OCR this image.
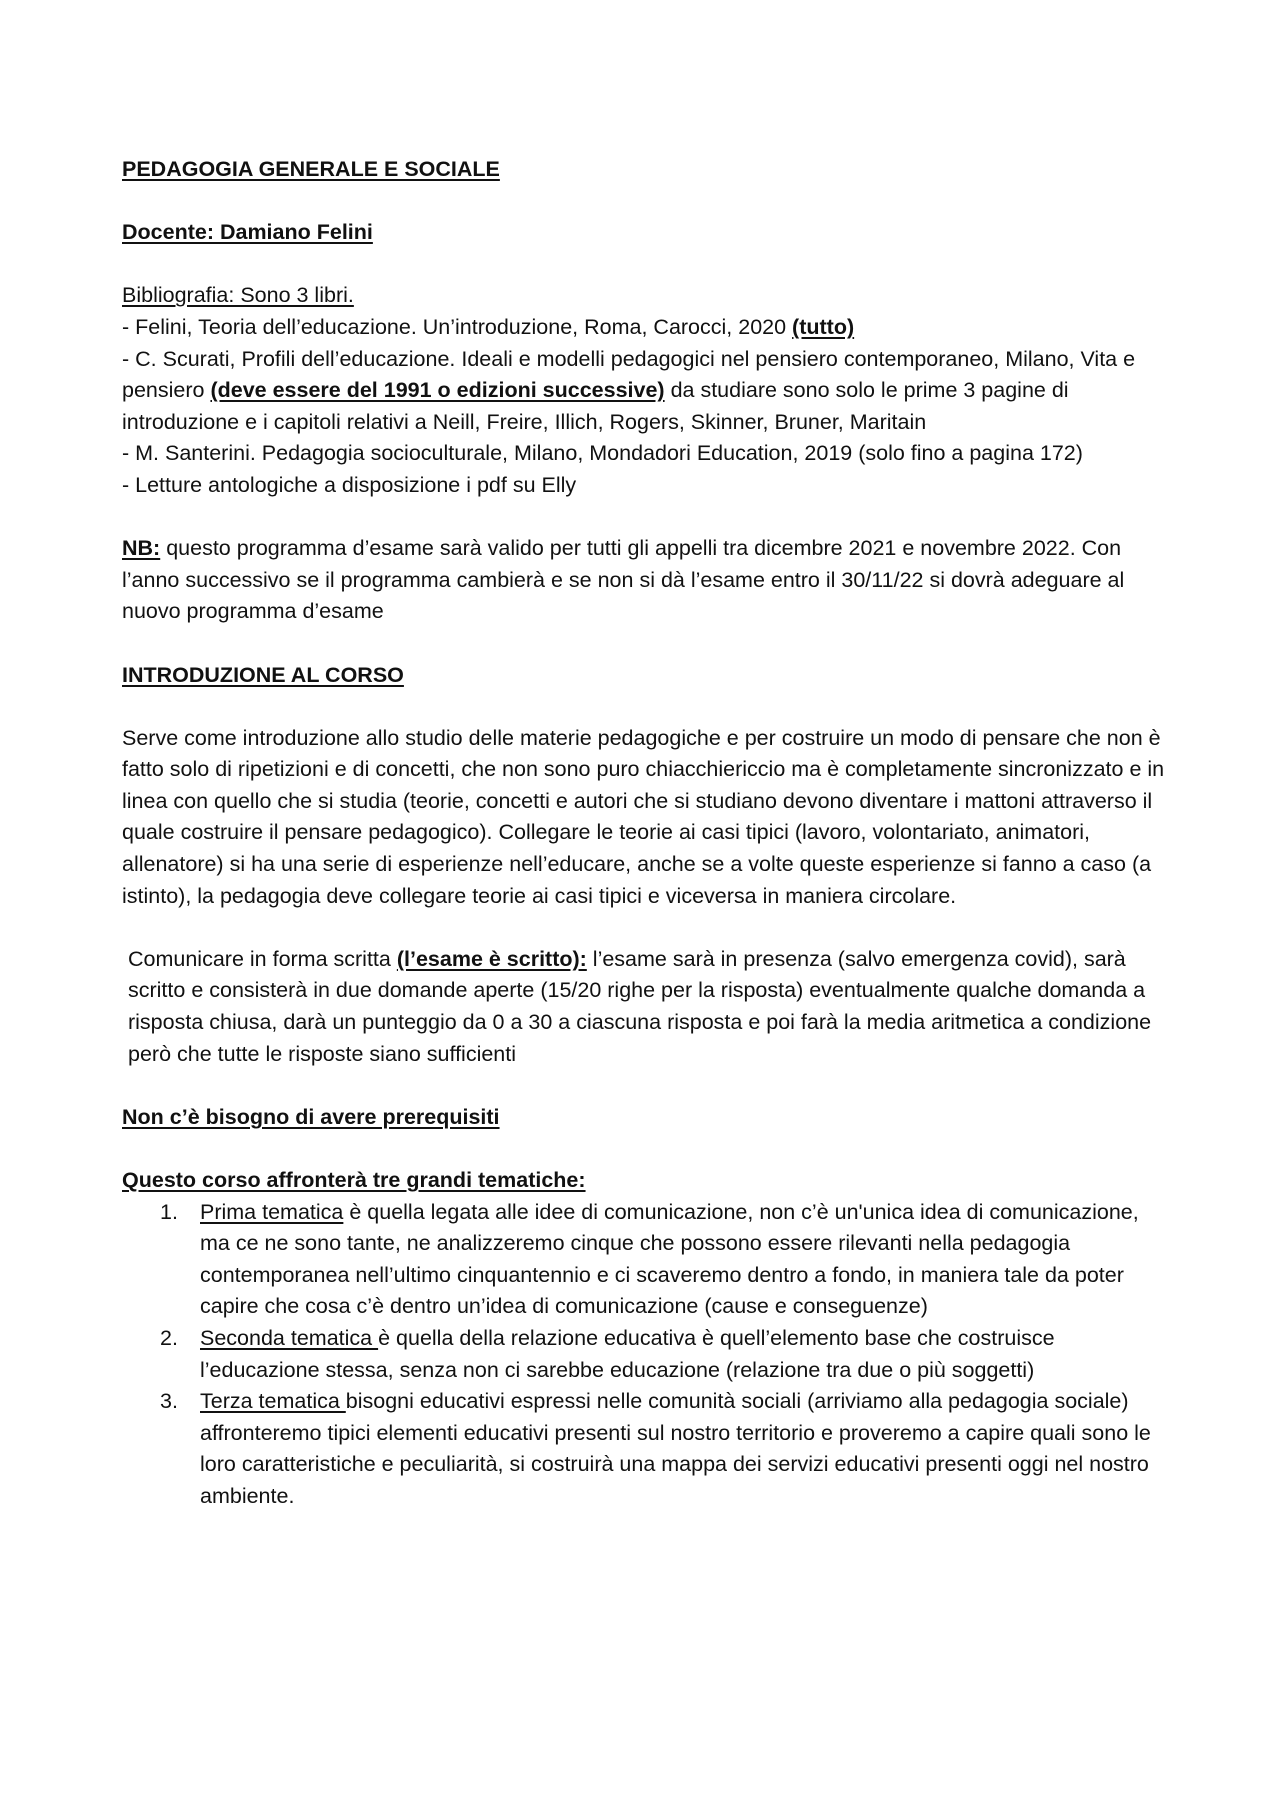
PEDAGOGIA GENERALE E SOCIALE

Docente: Damiano Felini

Bibliografia: Sono 3 libri.

- Felini, Teoria dell’educazione. Un’introduzione, Roma, Carocci, 2020 (tutto)

- C. Scurati, Profili dell’educazione. Ideali e modelli pedagogici nel pensiero contemporaneo, Milano, Vita e pensiero (deve essere del 1991 o edizioni successive) da studiare sono solo le prime 3 pagine di introduzione e i capitoli relativi a Neill, Freire, Illich, Rogers, Skinner, Bruner, Maritain

- M. Santerini. Pedagogia socioculturale, Milano, Mondadori Education, 2019 (solo fino a pagina 172)

- Letture antologiche a disposizione i pdf su Elly

NB: questo programma d’esame sarà valido per tutti gli appelli tra dicembre 2021 e novembre 2022. Con l’anno successivo se il programma cambierà e se non si dà l’esame entro il 30/11/22 si dovrà adeguare al nuovo programma d’esame

INTRODUZIONE AL CORSO

Serve come introduzione allo studio delle materie pedagogiche e per costruire un modo di pensare che non è fatto solo di ripetizioni e di concetti, che non sono puro chiacchiericcio ma è completamente sincronizzato e in linea con quello che si studia (teorie, concetti e autori che si studiano devono diventare i mattoni attraverso il quale costruire il pensare pedagogico). Collegare le teorie ai casi tipici (lavoro, volontariato, animatori, allenatore) si ha una serie di esperienze nell’educare, anche se a volte queste esperienze si fanno a caso (a istinto), la pedagogia deve collegare teorie ai casi tipici e viceversa in maniera circolare.

Comunicare in forma scritta (l’esame è scritto): l’esame sarà in presenza (salvo emergenza covid), sarà scritto e consisterà in due domande aperte (15/20 righe per la risposta) eventualmente qualche domanda a risposta chiusa, darà un punteggio da 0 a 30 a ciascuna risposta e poi farà la media aritmetica a condizione però che tutte le risposte siano sufficienti

Non c’è bisogno di avere prerequisiti

Questo corso affronterà tre grandi tematiche:

1. Prima tematica è quella legata alle idee di comunicazione, non c’è un'unica idea di comunicazione, ma ce ne sono tante, ne analizzeremo cinque che possono essere rilevanti nella pedagogia contemporanea nell’ultimo cinquantennio e ci scaveremo dentro a fondo, in maniera tale da poter capire che cosa c’è dentro un’idea di comunicazione (cause e conseguenze)
2. Seconda tematica è quella della relazione educativa è quell’elemento base che costruisce l’educazione stessa, senza non ci sarebbe educazione (relazione tra due o più soggetti)
3. Terza tematica bisogni educativi espressi nelle comunità sociali (arriviamo alla pedagogia sociale) affronteremo tipici elementi educativi presenti sul nostro territorio e proveremo a capire quali sono le loro caratteristiche e peculiarità, si costruirà una mappa dei servizi educativi presenti oggi nel nostro ambiente.
